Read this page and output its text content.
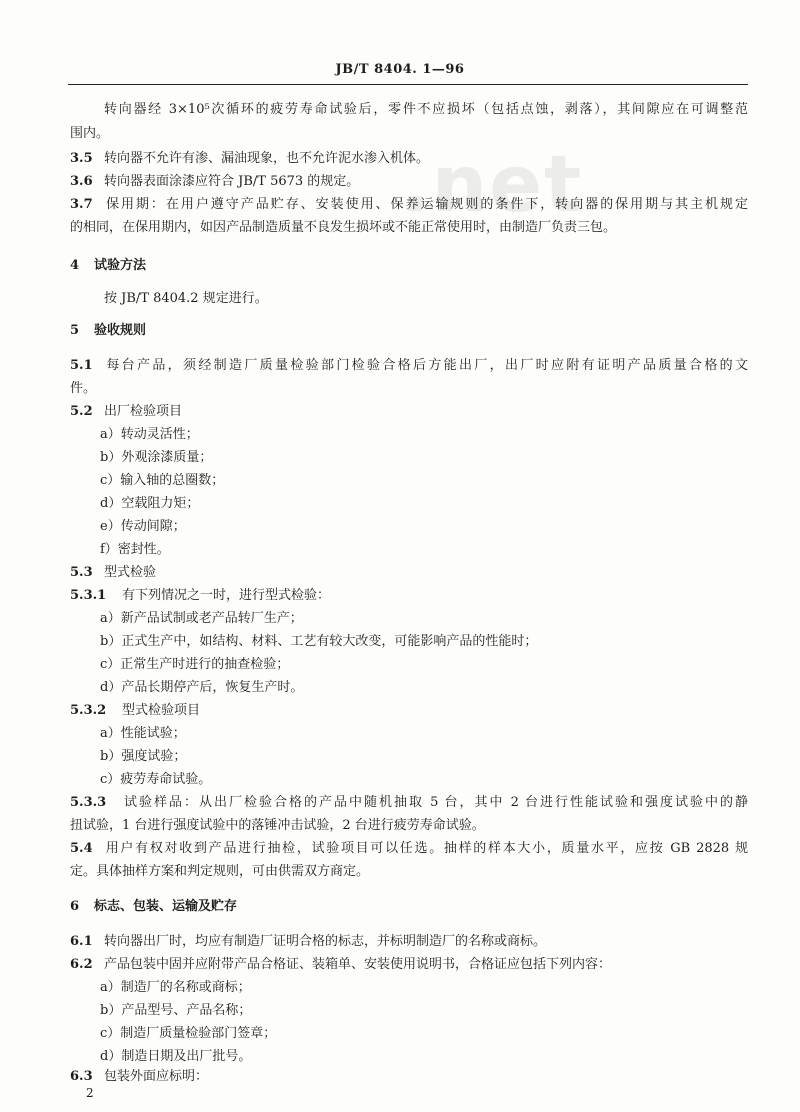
.net
JB/T 8404. 1—96
转向器经 3×10⁵次循环的疲劳寿命试验后，零件不应损坏（包括点蚀，剥落），其间隙应在可调整范
围内。
3.5 转向器不允许有渗、漏油现象，也不允许泥水渗入机体。
3.6 转向器表面涂漆应符合 JB/T 5673 的规定。
3.7 保用期：在用户遵守产品贮存、安装使用、保养运输规则的条件下，转向器的保用期与其主机规定
的相同，在保用期内，如因产品制造质量不良发生损坏或不能正常使用时，由制造厂负责三包。
4 试验方法
按 JB/T 8404.2 规定进行。
5 验收规则
5.1 每台产品，须经制造厂质量检验部门检验合格后方能出厂，出厂时应附有证明产品质量合格的文
件。
5.2 出厂检验项目
a）转动灵活性；
b）外观涂漆质量；
c）输入轴的总圈数；
d）空载阻力矩；
e）传动间隙；
f）密封性。
5.3 型式检验
5.3.1 有下列情况之一时，进行型式检验：
a）新产品试制或老产品转厂生产；
b）正式生产中，如结构、材料、工艺有较大改变，可能影响产品的性能时；
c）正常生产时进行的抽查检验；
d）产品长期停产后，恢复生产时。
5.3.2 型式检验项目
a）性能试验；
b）强度试验；
c）疲劳寿命试验。
5.3.3 试验样品：从出厂检验合格的产品中随机抽取 5 台，其中 2 台进行性能试验和强度试验中的静
扭试验，1 台进行强度试验中的落锤冲击试验，2 台进行疲劳寿命试验。
5.4 用户有权对收到产品进行抽检，试验项目可以任选。抽样的样本大小，质量水平，应按 GB 2828 规
定。具体抽样方案和判定规则，可由供需双方商定。
6 标志、包装、运输及贮存
6.1 转向器出厂时，均应有制造厂证明合格的标志，并标明制造厂的名称或商标。
6.2 产品包装中固并应附带产品合格证、装箱单、安装使用说明书，合格证应包括下列内容：
a）制造厂的名称或商标；
b）产品型号、产品名称；
c）制造厂质量检验部门签章；
d）制造日期及出厂批号。
6.3 包装外面应标明：
2
